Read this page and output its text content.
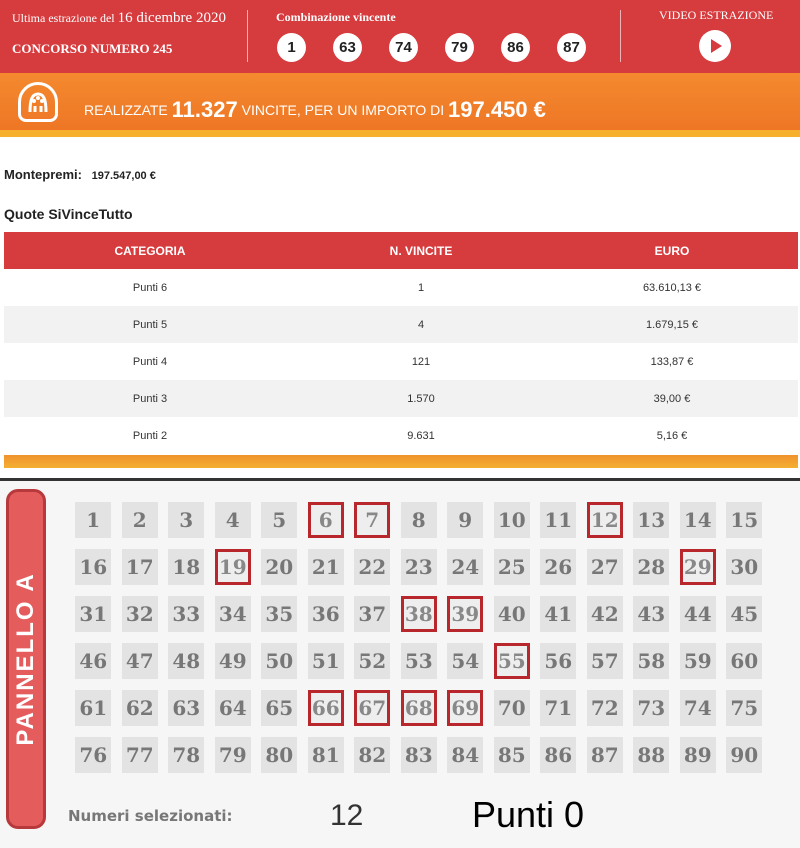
Ultima estrazione del 16 dicembre 2020
CONCORSO NUMERO 245
Combinazione vincente
1	63	74	79	86	87
VIDEO ESTRAZIONE
REALIZZATE 11.327 VINCITE, PER UN IMPORTO DI 197.450 €
Montepremi: 197.547,00 €
Quote SiVinceTutto
CATEGORIA	N. VINCITE	EURO
Punti 6	1	63.610,13 €
Punti 5	4	1.679,15 €
Punti 4	121	133,87 €
Punti 3	1.570	39,00 €
Punti 2	9.631	5,16 €
PANNELLO A
1	2	3	4	5	6	7	8	9	10 11 12 13 14 15
16 17 18 19 20 21 22 23 24 25 26 27 28 29 30
31 32 33 34 35 36 37 38 39 40 41 42 43 44 45
46 47 48 49 50 51 52 53 54 55 56 57 58 59 60
61 62 63 64 65 66 67 68 69 70 71 72 73 74 75
76 77 78 79 80 81 82 83 84 85 86 87 88 89 90
Numeri selezionati:	12	Punti 0
